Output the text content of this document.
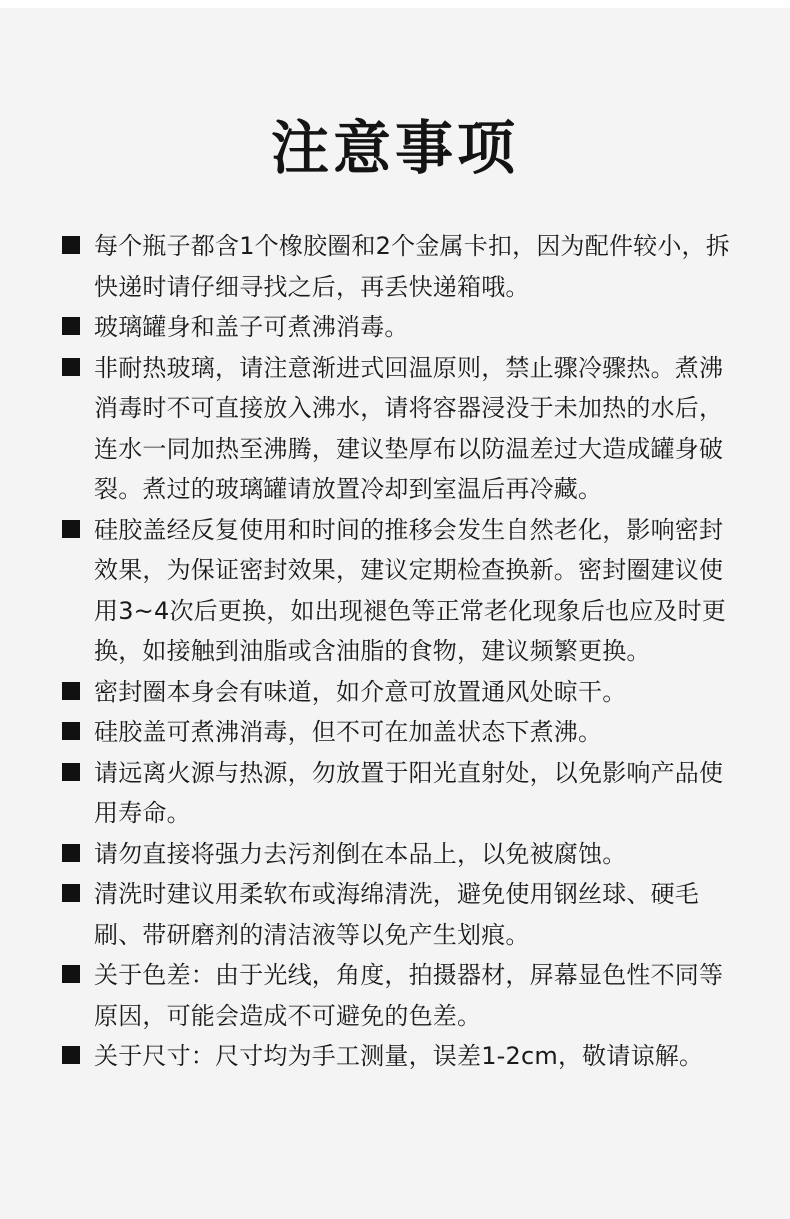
注意事项
每个瓶子都含1个橡胶圈和2个金属卡扣，因为配件较小，拆快递时请仔细寻找之后，再丢快递箱哦。
玻璃罐身和盖子可煮沸消毒。
非耐热玻璃，请注意渐进式回温原则，禁止骤冷骤热。煮沸消毒时不可直接放入沸水，请将容器浸没于未加热的水后，连水一同加热至沸腾，建议垫厚布以防温差过大造成罐身破裂。煮过的玻璃罐请放置冷却到室温后再冷藏。
硅胶盖经反复使用和时间的推移会发生自然老化，影响密封效果，为保证密封效果，建议定期检查换新。密封圈建议使用3~4次后更换，如出现褪色等正常老化现象后也应及时更换，如接触到油脂或含油脂的食物，建议频繁更换。
密封圈本身会有味道，如介意可放置通风处晾干。
硅胶盖可煮沸消毒，但不可在加盖状态下煮沸。
请远离火源与热源，勿放置于阳光直射处，以免影响产品使用寿命。
请勿直接将强力去污剂倒在本品上，以免被腐蚀。
清洗时建议用柔软布或海绵清洗，避免使用钢丝球、硬毛刷、带研磨剂的清洁液等以免产生划痕。
关于色差：由于光线，角度，拍摄器材，屏幕显色性不同等原因，可能会造成不可避免的色差。
关于尺寸：尺寸均为手工测量，误差1-2cm，敬请谅解。
